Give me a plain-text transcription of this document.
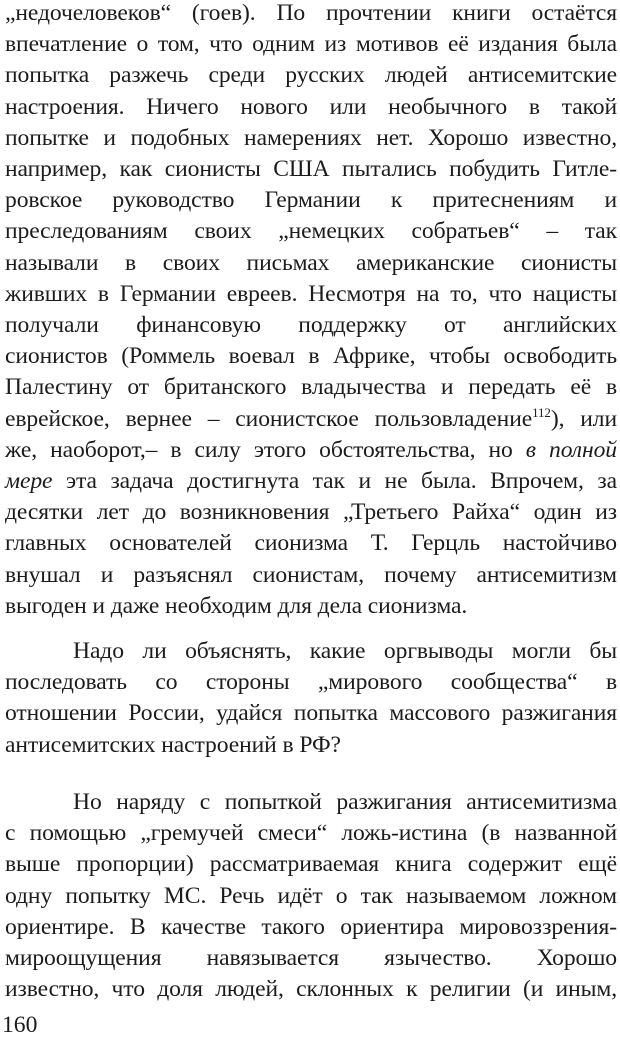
„недочеловеков“ (гоев). По прочтении книги остаётся
впечатление о том, что одним из мотивов её издания была
попытка разжечь среди русских людей антисемитские
настроения. Ничего нового или необычного в такой
попытке и подобных намерениях нет. Хорошо известно,
например, как сионисты США пытались побудить Гитле-
ровское руководство Германии к притеснениям и
преследованиям своих „немецких собратьев“ – так
называли в своих письмах американские сионисты
живших в Германии евреев. Несмотря на то, что нацисты
получали финансовую поддержку от английских
сионистов (Роммель воевал в Африке, чтобы освободить
Палестину от британского владычества и передать её в
еврейское, вернее – сионистское пользовладение$^{112}$), или
же, наоборот,– в силу этого обстоятельства, но в полной
мере эта задача достигнута так и не была. Впрочем, за
десятки лет до возникновения „Третьего Райха“ один из
главных основателей сионизма Т. Герцль настойчиво
внушал и разъяснял сионистам, почему антисемитизм
выгоден и даже необходим для дела сионизма.
Надо ли объяснять, какие оргвыводы могли бы
последовать со стороны „мирового сообщества“ в
отношении России, удайся попытка массового разжигания
антисемитских настроений в РФ?
Но наряду с попыткой разжигания антисемитизма
с помощью „гремучей смеси“ ложь-истина (в названной
выше пропорции) рассматриваемая книга содержит ещё
одну попытку МС. Речь идёт о так называемом ложном
ориентире. В качестве такого ориентира мировоззрения-
мироощущения навязывается язычество. Хорошо
известно, что доля людей, склонных к религии (и иным,
160
